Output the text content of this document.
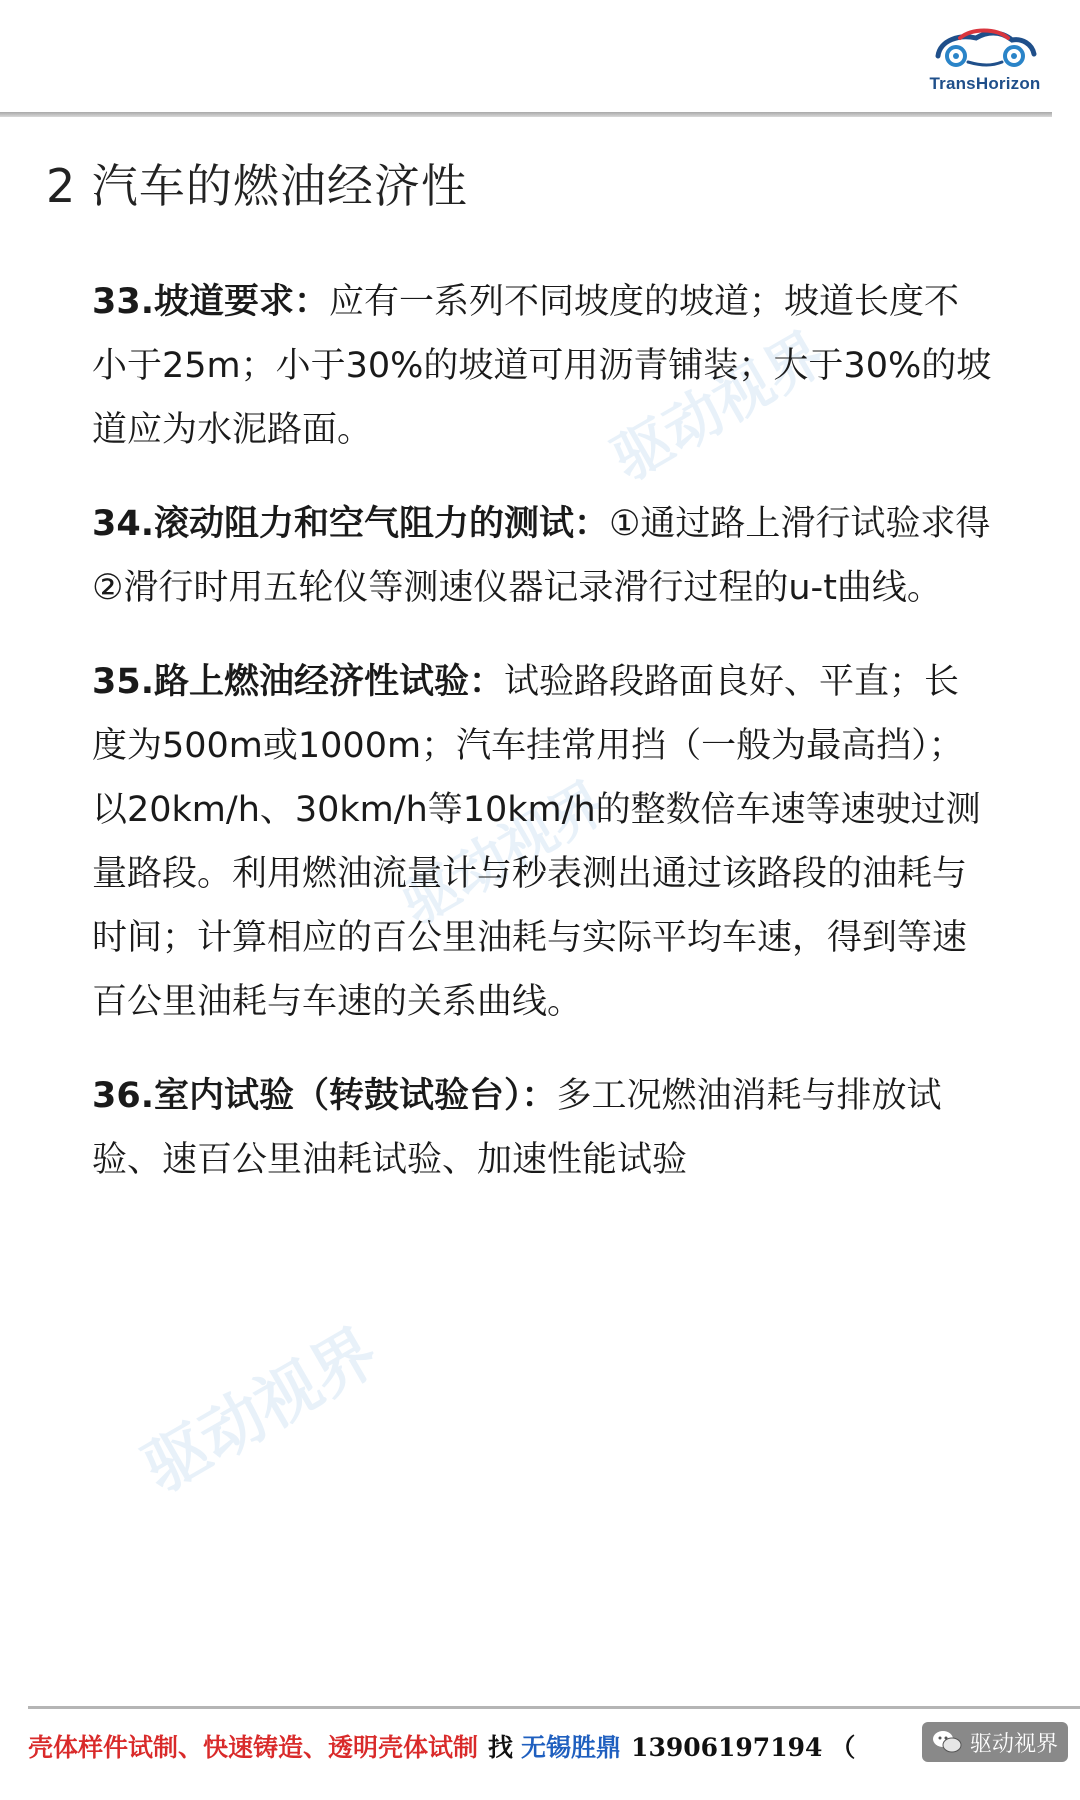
TransHorizon
2 汽车的燃油经济性
驱动视界
驱动视界
驱动视界

33.坡道要求：应有一系列不同坡度的坡道；坡道长度不小于25m；小于30%的坡道可用沥青铺装；大于30%的坡道应为水泥路面。

34.滚动阻力和空气阻力的测试：①通过路上滑行试验求得②滑行时用五轮仪等测速仪器记录滑行过程的u-t曲线。

35.路上燃油经济性试验：试验路段路面良好、平直；长度为500m或1000m；汽车挂常用挡（一般为最高挡）；以20km/h、30km/h等10km/h的整数倍车速等速驶过测量路段。利用燃油流量计与秒表测出通过该路段的油耗与时间；计算相应的百公里油耗与实际平均车速，得到等速百公里油耗与车速的关系曲线。

36.室内试验（转鼓试验台）：多工况燃油消耗与排放试验、速百公里油耗试验、加速性能试验

壳体样件试制、快速铸造、透明壳体试制 找 无锡胜鼎 13906197194 （	驱动视界
